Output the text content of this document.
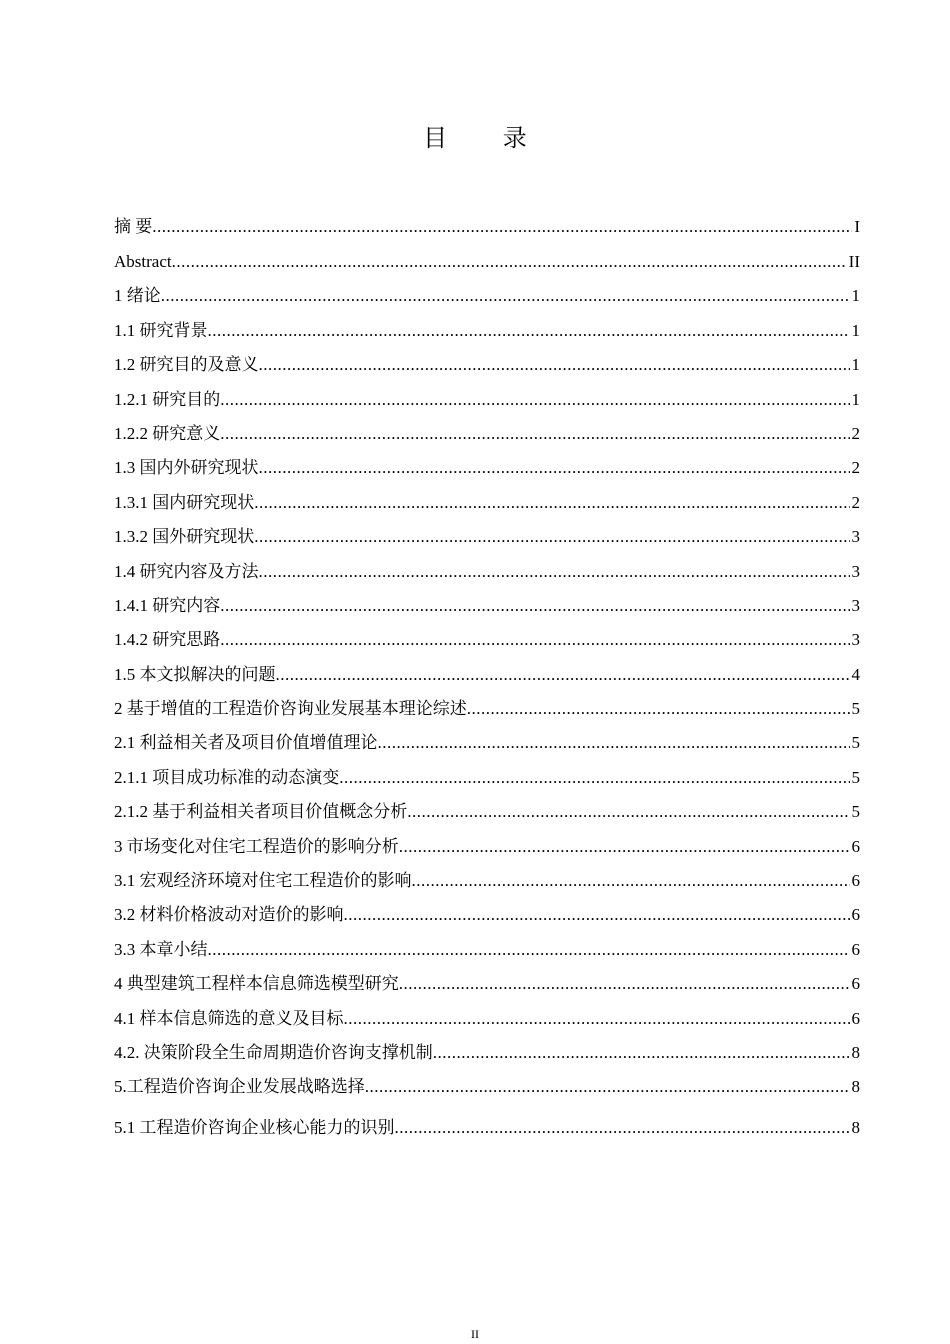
目 录
摘 要 .....	I
Abstract .....	II
1 绪论 .....	1
1.1 研究背景 .....	1
1.2 研究目的及意义 .....	1
1.2.1 研究目的 .....	1
1.2.2 研究意义 .....	2
1.3 国内外研究现状 .....	2
1.3.1 国内研究现状 .....	2
1.3.2 国外研究现状 .....	3
1.4 研究内容及方法 .....	3
1.4.1 研究内容 .....	3
1.4.2 研究思路 .....	3
1.5 本文拟解决的问题 .....	4
2 基于增值的工程造价咨询业发展基本理论综述 .....	5
2.1 利益相关者及项目价值增值理论 .....	5
2.1.1 项目成功标准的动态演变 .....	5
2.1.2 基于利益相关者项目价值概念分析 .....	5
3 市场变化对住宅工程造价的影响分析 .....	6
3.1 宏观经济环境对住宅工程造价的影响 .....	6
3.2 材料价格波动对造价的影响 .....	6
3.3 本章小结 .....	6
4 典型建筑工程样本信息筛选模型研究 .....	6
4.1 样本信息筛选的意义及目标 .....	6
4.2. 决策阶段全生命周期造价咨询支撑机制 .....	8
5.工程造价咨询企业发展战略选择 .....	8
5.1 工程造价咨询企业核心能力的识别 .....	8
II
